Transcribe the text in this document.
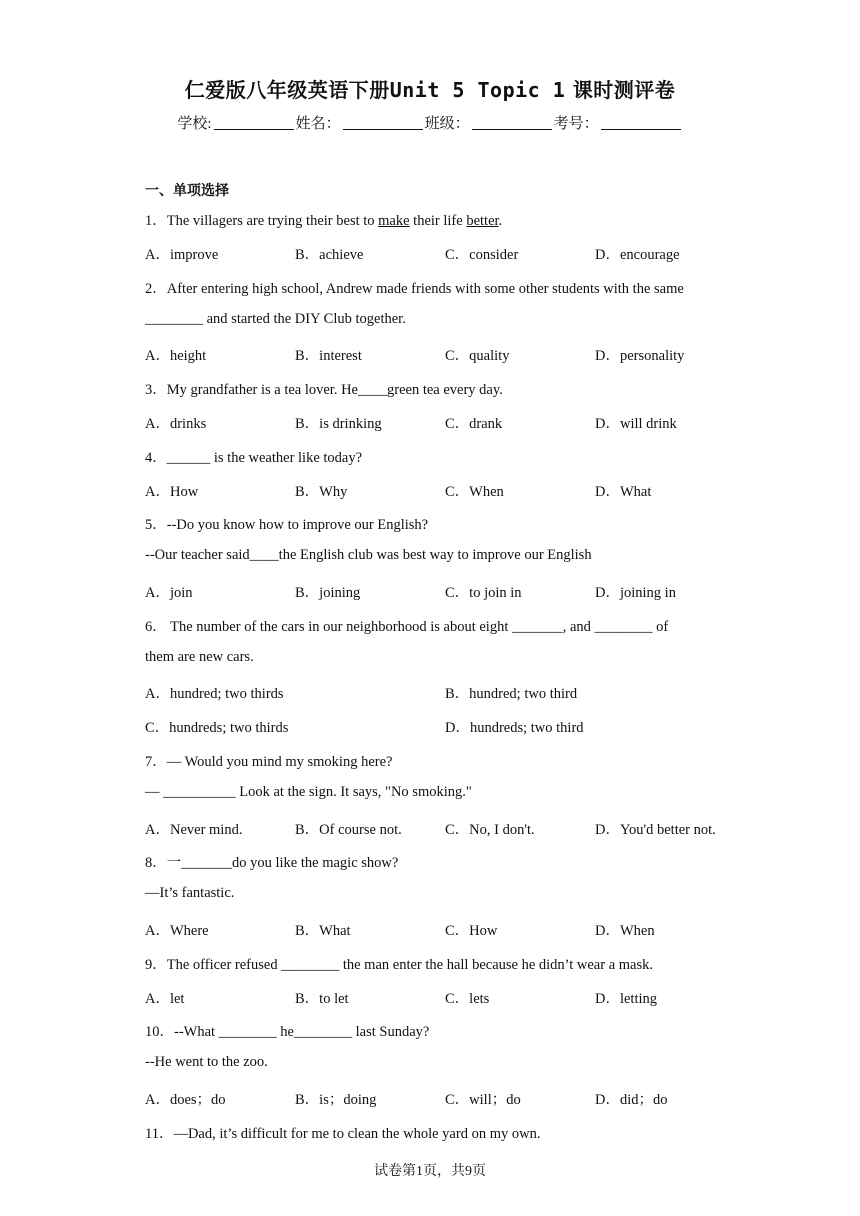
仁爱版八年级英语下册Unit 5 Topic 1 课时测评卷
学校:	姓名：	班级：	考号：
一、单项选择
1．The villagers are trying their best to make their life better.
A．improve	B．achieve	C．consider	D．encourage
2．After entering high school, Andrew made friends with some other students with the same
________ and started the DIY Club together.
A．height	B．interest	C．quality	D．personality
3．My grandfather is a tea lover. He____green tea every day.
A．drinks	B．is drinking	C．drank	D．will drink
4．______ is the weather like today?
A．How	B．Why	C．When	D．What
5．--Do you know how to improve our English?
--Our teacher said____the English club was best way to improve our English
A．join	B．joining	C．to join in	D．joining in
6． The number of the cars in our neighborhood is about eight _______, and ________ of
them are new cars.
A．hundred; two thirds	B．hundred; two third
C．hundreds; two thirds	D．hundreds; two third
7．— Would you mind my smoking here?
— __________ Look at the sign. It says, "No smoking."
A．Never mind.	B．Of course not.	C．No, I don't.	D．You'd better not.
8．一_______do you like the magic show?
—It’s fantastic.
A．Where	B．What	C．How	D．When
9．The officer refused ________ the man enter the hall because he didn’t wear a mask.
A．let	B．to let	C．lets	D．letting
10．--What ________ he________ last Sunday?
--He went to the zoo.
A．does；do	B．is；doing	C．will；do	D．did；do
11．—Dad, it’s difficult for me to clean the whole yard on my own.
试卷第1页，共9页
